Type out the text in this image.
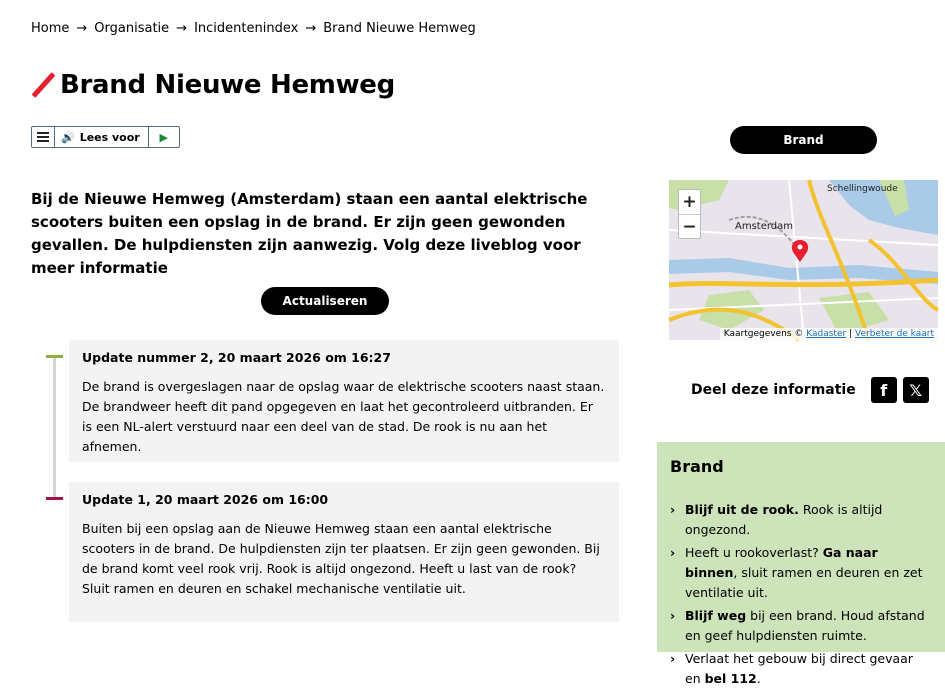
Home → Organisatie → Incidentenindex → Brand Nieuwe Hemweg
Brand Nieuwe Hemweg
🔊 Lees voor	▶

Bij de Nieuwe Hemweg (Amsterdam) staan een aantal elektrische scooters buiten een opslag in de brand. Er zijn geen gewonden gevallen. De hulpdiensten zijn aanwezig. Volg deze liveblog voor meer informatie

Actualiseren
Brand
Update nummer 2, 20 maart 2026 om 16:27
De brand is overgeslagen naar de opslag waar de elektrische scooters naast staan. De brandweer heeft dit pand opgegeven en laat het gecontroleerd uitbranden. Er is een NL-alert verstuurd naar een deel van de stad. De rook is nu aan het afnemen.
Update 1, 20 maart 2026 om 16:00
Buiten bij een opslag aan de Nieuwe Hemweg staan een aantal elektrische scooters in de brand. De hulpdiensten zijn ter plaatsen. Er zijn geen gewonden. Bij de brand komt veel rook vrij. Rook is altijd ongezond. Heeft u last van de rook? Sluit ramen en deuren en schakel mechanische ventilatie uit.
Amsterdam
Schellingwoude
+
−
Kaartgegevens © Kadaster | Verbeter de kaart
Deel deze informatie	f	𝕏
Brand
› Blijf uit de rook. Rook is altijd ongezond.
› Heeft u rookoverlast? Ga naar binnen, sluit ramen en deuren en zet ventilatie uit.
› Blijf weg bij een brand. Houd afstand en geef hulpdiensten ruimte.
› Verlaat het gebouw bij direct gevaar en bel 112.
